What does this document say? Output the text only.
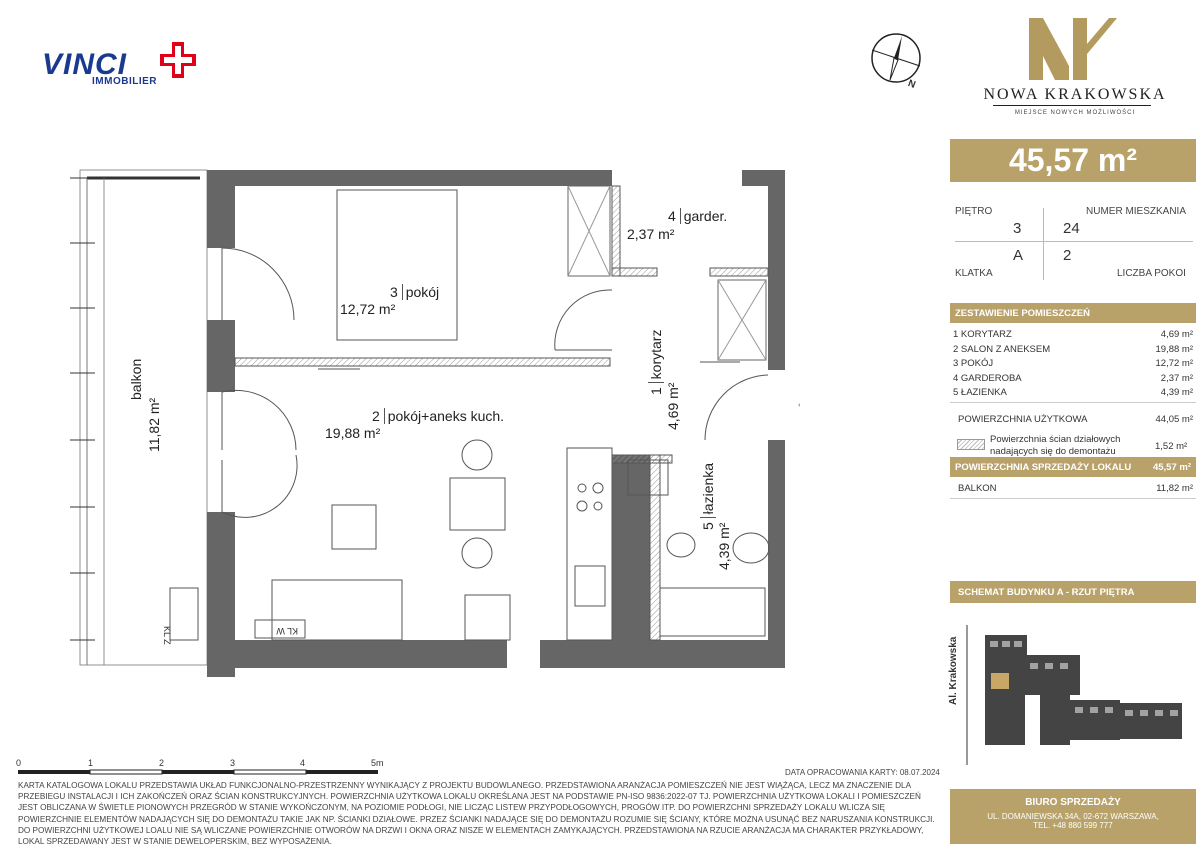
VINCI
IMMOBILIER	N
NOWA KRAKOWSKA
MIEJSCE NOWYCH MOŻLIWOŚCI
45,57 m²
PIĘTRO	NUMER MIESZKANIA
3	24
A	2
KLATKA	LICZBA POKOI
ZESTAWIENIE POMIESZCZEŃ
1 KORYTARZ	4,69 m²
2 SALON Z ANEKSEM	19,88 m²
3 POKÓJ	12,72 m²
4 GARDEROBA	2,37 m²
5 ŁAZIENKA	4,39 m²
POWIERZCHNIA UŻYTKOWA	44,05 m²
Powierzchnia ścian działowych
nadających się do demontażu	1,52 m²
POWIERZCHNIA SPRZEDAŻY LOKALU 45,57 m²
BALKON	11,82 m²
SCHEMAT BUDYNKU A - RZUT PIĘTRA
Al. Krakowska
BIURO SPRZEDAŻY
UL. DOMANIEWSKA 34A, 02-672 WARSZAWA,
TEL. +48 880 599 777
3 pokój
12,72 m²
4 garder.
2,37 m²
2 pokój+aneks kuch.
19,88 m²
1 korytarz
4,69 m²
5 łazienka
4,39 m²
balkon
11,82 m²
KL Z	KL W
0	1	2	3	4	5m
DATA OPRACOWANIA KARTY: 08.07.2024
KARTA KATALOGOWA LOKALU PRZEDSTAWIA UKŁAD FUNKCJONALNO-PRZESTRZENNY WYNIKAJĄCY Z PROJEKTU BUDOWLANEGO. PRZEDSTAWIONA ARANŻACJA POMIESZCZEŃ NIE JEST WIĄŻĄCA, LECZ MA ZNACZENIE DLA PRZEBIEGU INSTALACJI I ICH ZAKOŃCZEŃ ORAZ ŚCIAN KONSTRUKCYJNYCH. POWIERZCHNIA UŻYTKOWA LOKALU OKREŚLANA JEST NA PODSTAWIE PN-ISO 9836:2022-07 TJ. POWIERZCHNIA UŻYTKOWA LOKALI I POMIESZCZEŃ JEST OBLICZANA W ŚWIETLE PIONOWYCH PRZEGRÓD W STANIE WYKOŃCZONYM, NA POZIOMIE PODŁOGI, NIE LICZĄC LISTEW PRZYPODŁOGOWYCH, PROGÓW ITP. DO POWIERZCHNI SPRZEDAŻY LOKALU WLICZA SIĘ POWIERZCHNIE ELEMENTÓW NADAJĄCYCH SIĘ DO DEMONTAŻU TAKIE JAK NP. ŚCIANKI DZIAŁOWE. PRZEZ ŚCIANKI NADAJĄCE SIĘ DO DEMONTAŻU ROZUMIE SIĘ ŚCIANY, KTÓRE MOŻNA USUNĄĆ BEZ NARUSZANIA KONSTRUKCJI. DO POWIERZCHNI UŻYTKOWEJ LOALU NIE SĄ WLICZANE POWIERZCHNIE OTWORÓW NA DRZWI I OKNA ORAZ NISZE W ELEMENTACH ZAMYKAJĄCYCH. PRZEDSTAWIONA NA RZUCIE ARANŻACJA MA CHARAKTER PRZYKŁADOWY, LOKAL SPRZEDAWANY JEST W STANIE DEWELOPERSKIM, BEZ WYPOSAŻENIA.
